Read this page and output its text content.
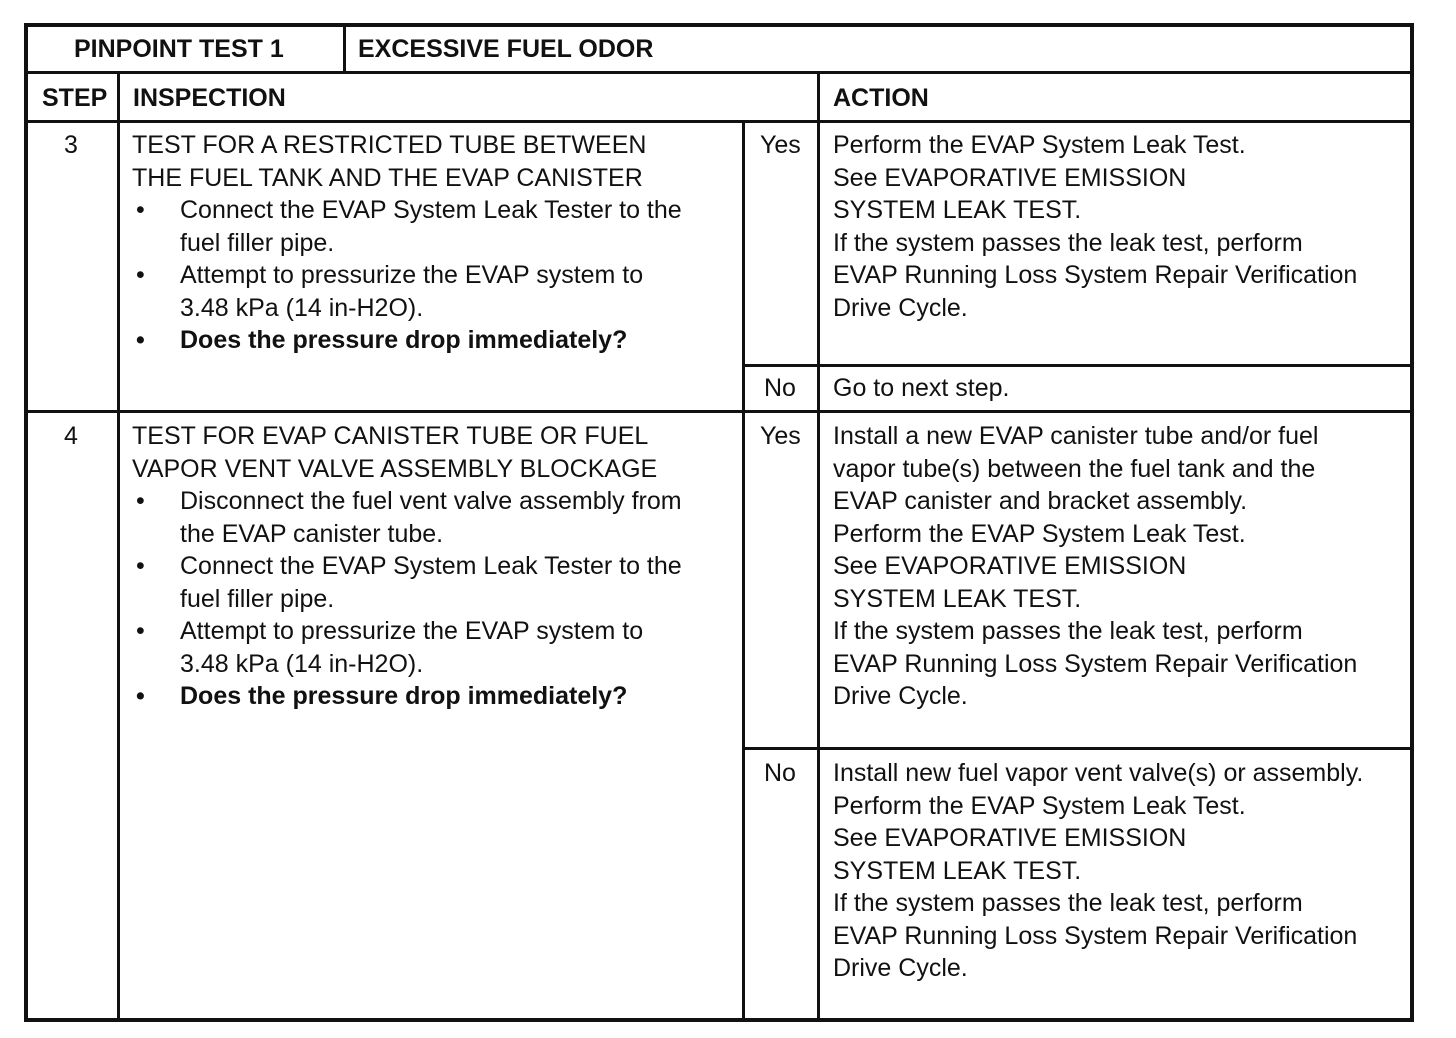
PINPOINT TEST 1	EXCESSIVE FUEL ODOR
STEP INSPECTION	ACTION
3 TEST FOR A RESTRICTED TUBE BETWEEN
THE FUEL TANK AND THE EVAP CANISTER
• Connect the EVAP System Leak Tester to the
fuel filler pipe.
• Attempt to pressurize the EVAP system to
3.48 kPa (14 in-H2O).
• Does the pressure drop immediately?
Yes Perform the EVAP System Leak Test.
See EVAPORATIVE EMISSION
SYSTEM LEAK TEST.
If the system passes the leak test, perform
EVAP Running Loss System Repair Verification
Drive Cycle.
No Go to next step.
4 TEST FOR EVAP CANISTER TUBE OR FUEL
VAPOR VENT VALVE ASSEMBLY BLOCKAGE
• Disconnect the fuel vent valve assembly from
the EVAP canister tube.
• Connect the EVAP System Leak Tester to the
fuel filler pipe.
• Attempt to pressurize the EVAP system to
3.48 kPa (14 in-H2O).
• Does the pressure drop immediately?
Yes Install a new EVAP canister tube and/or fuel
vapor tube(s) between the fuel tank and the
EVAP canister and bracket assembly.
Perform the EVAP System Leak Test.
See EVAPORATIVE EMISSION
SYSTEM LEAK TEST.
If the system passes the leak test, perform
EVAP Running Loss System Repair Verification
Drive Cycle.
No Install new fuel vapor vent valve(s) or assembly.
Perform the EVAP System Leak Test.
See EVAPORATIVE EMISSION
SYSTEM LEAK TEST.
If the system passes the leak test, perform
EVAP Running Loss System Repair Verification
Drive Cycle.
